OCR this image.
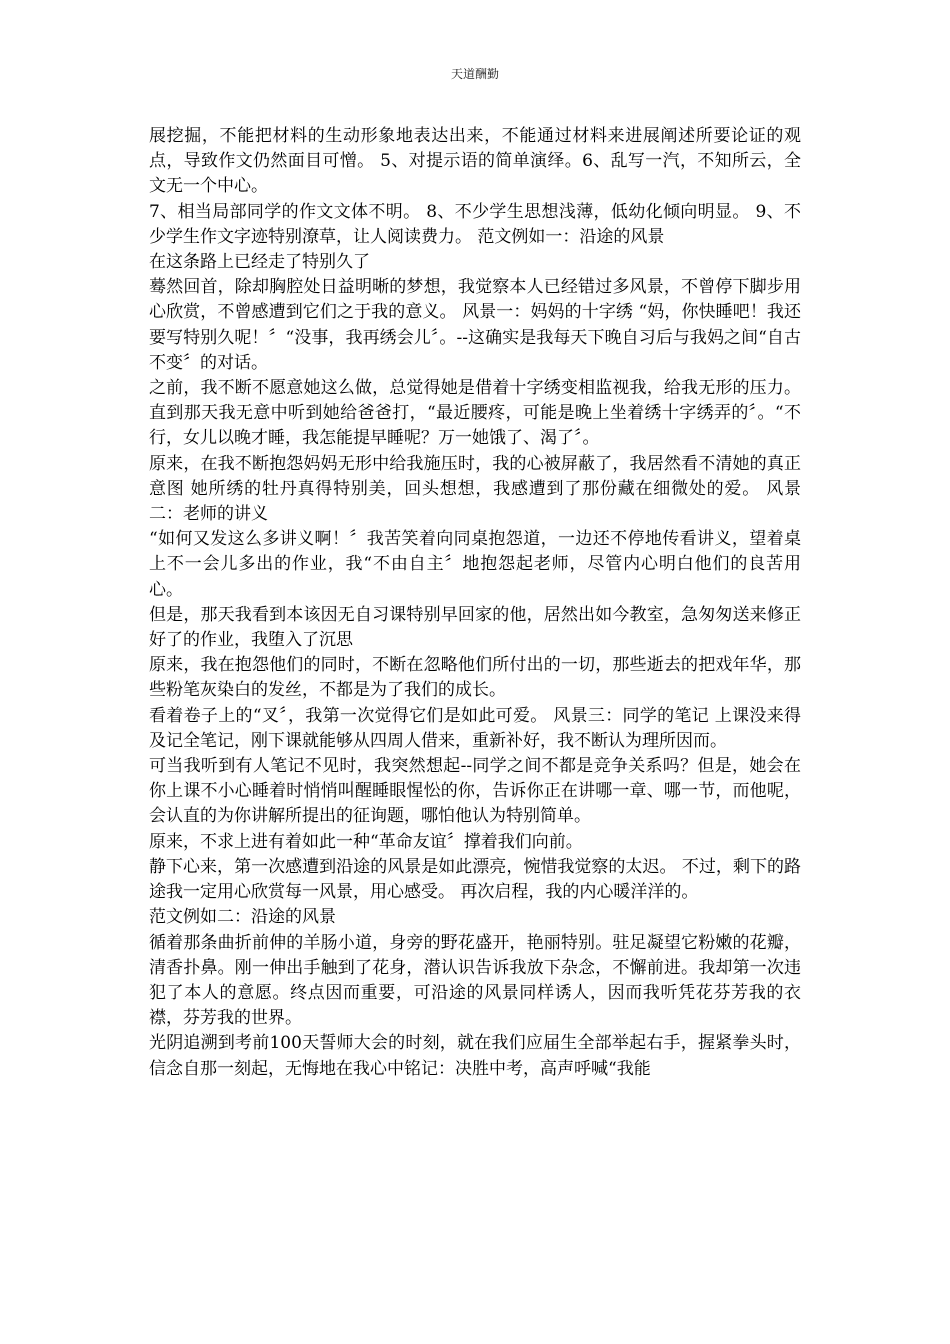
天道酬勤

展挖掘，不能把材料的生动形象地表达出来，不能通过材料来进展阐述所要论证的观点，导致作文仍然面目可憎。 5、对提示语的简单演绎。6、乱写一汽，不知所云，全文无一个中心。

7、相当局部同学的作文文体不明。 8、不少学生思想浅薄，低幼化倾向明显。 9、不少学生作文字迹特别潦草，让人阅读费力。 范文例如一：沿途的风景

在这条路上已经走了特别久了

蓦然回首，除却胸腔处日益明晰的梦想，我觉察本人已经错过多风景，不曾停下脚步用心欣赏，不曾感遭到它们之于我的意义。 风景一：妈妈的十字绣 “妈，你快睡吧！我还要写特别久呢！〞“没事，我再绣会儿〞。--这确实是我每天下晚自习后与我妈之间“自古不变〞的对话。

之前，我不断不愿意她这么做，总觉得她是借着十字绣变相监视我，给我无形的压力。直到那天我无意中听到她给爸爸打，“最近腰疼，可能是晚上坐着绣十字绣弄的〞。“不行，女儿以晚才睡，我怎能提早睡呢？万一她饿了、渴了〞。

原来，在我不断抱怨妈妈无形中给我施压时，我的心被屏蔽了，我居然看不清她的真正意图 她所绣的牡丹真得特别美，回头想想，我感遭到了那份藏在细微处的爱。 风景二：老师的讲义

“如何又发这么多讲义啊！〞我苦笑着向同桌抱怨道，一边还不停地传看讲义，望着桌上不一会儿多出的作业，我“不由自主〞地抱怨起老师，尽管内心明白他们的良苦用心。

但是，那天我看到本该因无自习课特别早回家的他，居然出如今教室，急匆匆送来修正好了的作业，我堕入了沉思

原来，我在抱怨他们的同时，不断在忽略他们所付出的一切，那些逝去的把戏年华，那些粉笔灰染白的发丝，不都是为了我们的成长。

看着卷子上的“叉〞，我第一次觉得它们是如此可爱。 风景三：同学的笔记 上课没来得及记全笔记，刚下课就能够从四周人借来，重新补好，我不断认为理所因而。

可当我听到有人笔记不见时，我突然想起--同学之间不都是竞争关系吗？但是，她会在你上课不小心睡着时悄悄叫醒睡眼惺忪的你，告诉你正在讲哪一章、哪一节，而他呢，会认直的为你讲解所提出的征询题，哪怕他认为特别简单。

原来，不求上进有着如此一种“革命友谊〞撑着我们向前。

静下心来，第一次感遭到沿途的风景是如此漂亮，惋惜我觉察的太迟。 不过，剩下的路途我一定用心欣赏每一风景，用心感受。 再次启程，我的内心暖洋洋的。

范文例如二：沿途的风景

循着那条曲折前伸的羊肠小道，身旁的野花盛开，艳丽特别。驻足凝望它粉嫩的花瓣，清香扑鼻。刚一伸出手触到了花身，潜认识告诉我放下杂念，不懈前进。我却第一次违犯了本人的意愿。终点因而重要，可沿途的风景同样诱人，因而我听凭花芬芳我的衣襟，芬芳我的世界。

光阴追溯到考前100天誓师大会的时刻，就在我们应届生全部举起右手，握紧拳头时，信念自那一刻起，无悔地在我心中铭记：决胜中考，高声呼喊“我能
